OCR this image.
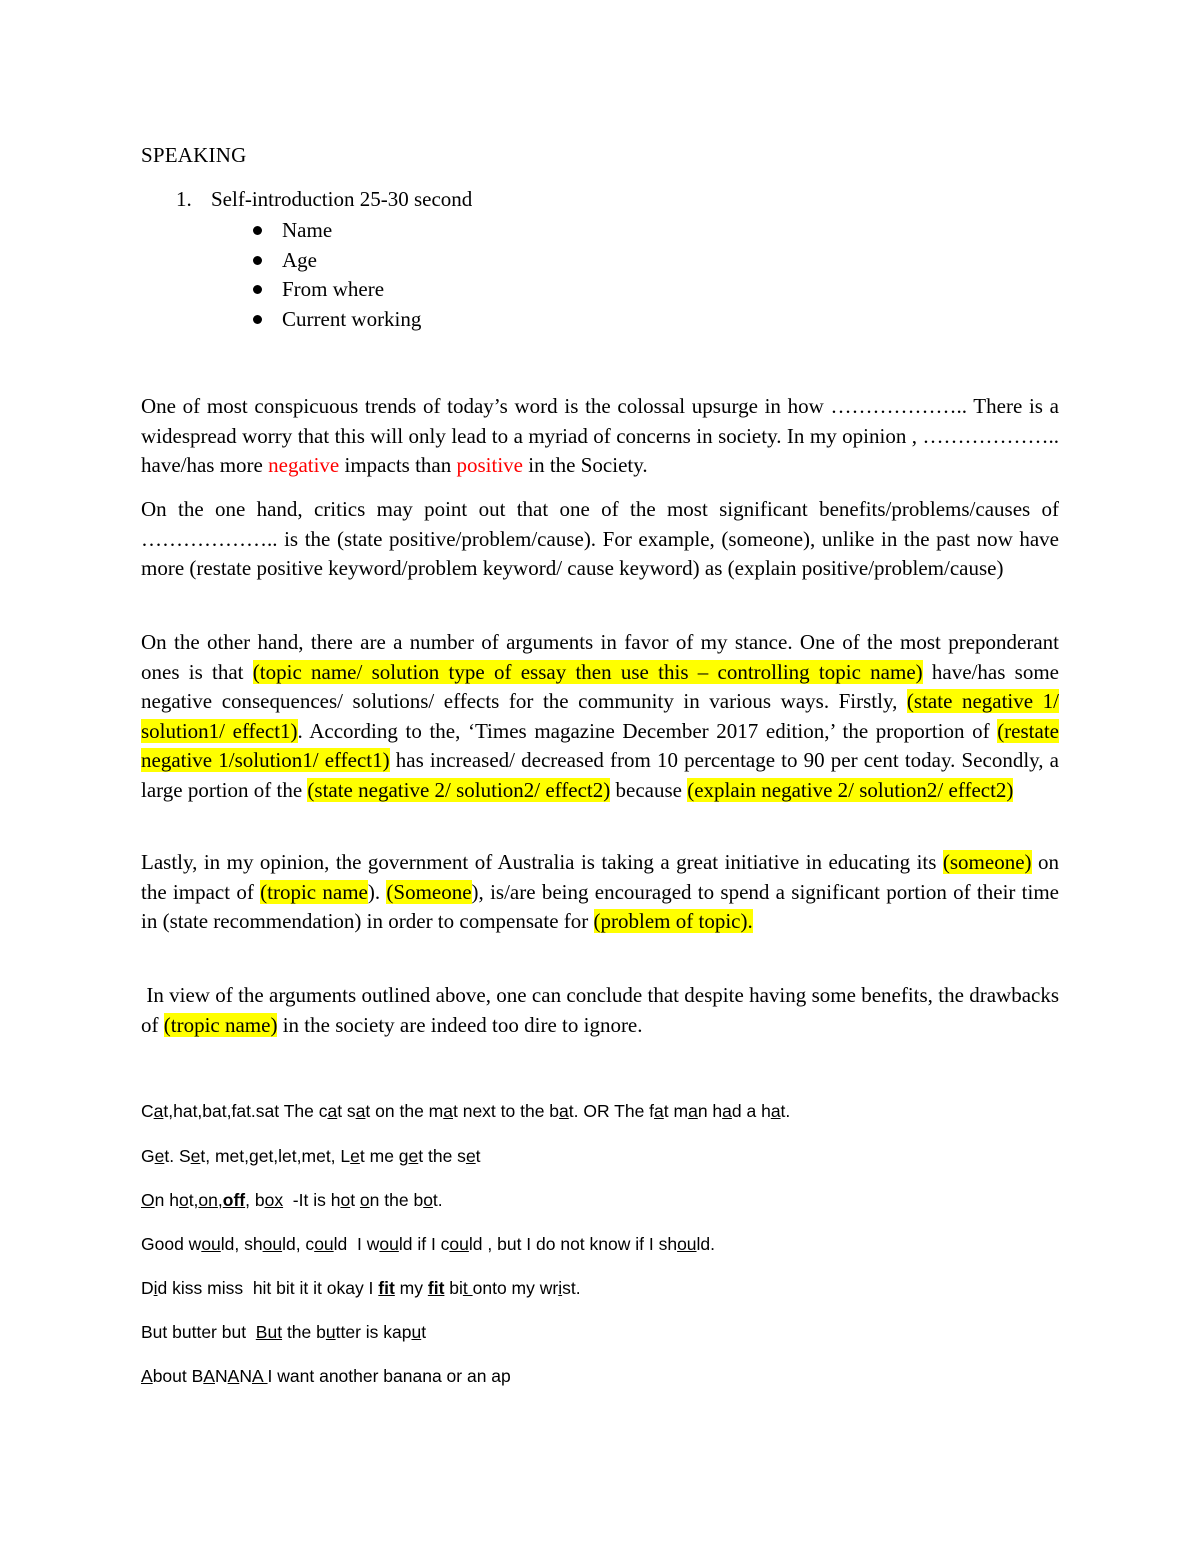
SPEAKING
1. Self-introduction 25-30 second
Name
Age
From where
Current working

One of most conspicuous trends of today’s word is the colossal upsurge in how ……………….. There is a widespread worry that this will only lead to a myriad of concerns in society. In my opinion , ……………….. have/has more negative impacts than positive in the Society.

On the one hand, critics may point out that one of the most significant benefits/problems/causes of ……………….. is the (state positive/problem/cause). For example, (someone), unlike in the past now have more (restate positive keyword/problem keyword/ cause keyword) as (explain positive/problem/cause)

On the other hand, there are a number of arguments in favor of my stance. One of the most preponderant ones is that (topic name/ solution type of essay then use this – controlling topic name) have/has some negative consequences/ solutions/ effects for the community in various ways. Firstly, (state negative 1/ solution1/ effect1). According to the, ‘Times magazine December 2017 edition,’ the proportion of (restate negative 1/solution1/ effect1) has increased/ decreased from 10 percentage to 90 per cent today. Secondly, a large portion of the (state negative 2/ solution2/ effect2) because (explain negative 2/ solution2/ effect2)

Lastly, in my opinion, the government of Australia is taking a great initiative in educating its (someone) on the impact of (tropic name). (Someone), is/are being encouraged to spend a significant portion of their time in (state recommendation) in order to compensate for (problem of topic).

In view of the arguments outlined above, one can conclude that despite having some benefits, the drawbacks of (tropic name) in the society are indeed too dire to ignore.

Cat,hat,bat,fat.sat The cat sat on the mat next to the bat. OR The fat man had a hat.

Get. Set, met,get,let,met, Let me get the set

On hot,on,off, box  -It is hot on the bot.

Good would, should, could  I would if I could , but I do not know if I should.

Did kiss miss  hit bit it it okay I fit my fit bit onto my wrist.

But butter but  But the butter is kaput

About BANANA I want another banana or an ap
